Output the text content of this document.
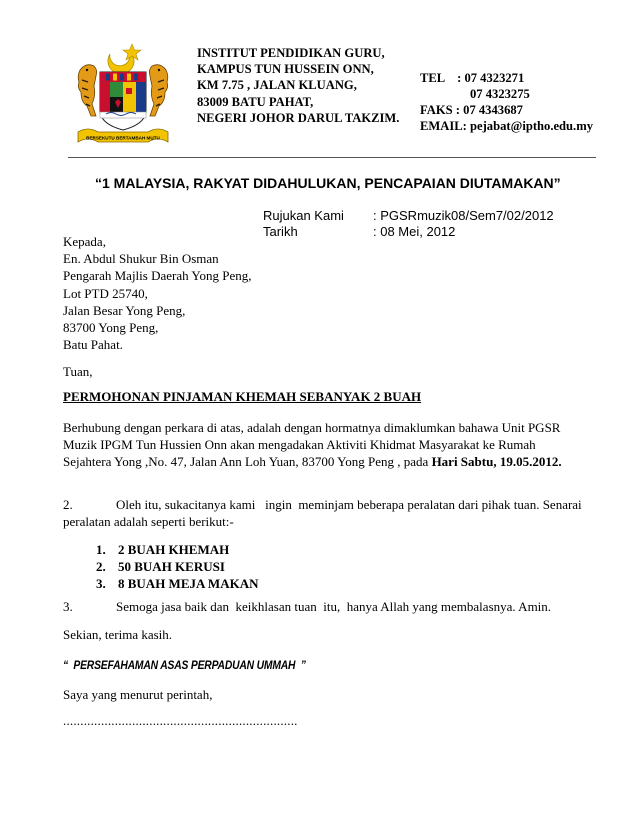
BERSEKUTU BERTAMBAH MUTU
INSTITUT PENDIDIKAN GURU,
KAMPUS TUN HUSSEIN ONN,
KM 7.75 , JALAN KLUANG,
83009 BATU PAHAT,
NEGERI JOHOR DARUL TAKZIM.
TEL    : 07 4323271
07 4323275
FAKS : 07 4343687
EMAIL: pejabat@iptho.edu.my
“1 MALAYSIA, RAKYAT DIDAHULUKAN, PENCAPAIAN DIUTAMAKAN”
Rujukan Kami : PGSRmuzik08/Sem7/02/2012
Tarikh	: 08 Mei, 2012
Kepada,
En. Abdul Shukur Bin Osman
Pengarah Majlis Daerah Yong Peng,
Lot PTD 25740,
Jalan Besar Yong Peng,
83700 Yong Peng,
Batu Pahat.
Tuan,
PERMOHONAN PINJAMAN KHEMAH SEBANYAK 2 BUAH
Berhubung dengan perkara di atas, adalah dengan hormatnya dimaklumkan bahawa Unit PGSR Muzik IPGM Tun Hussien Onn akan mengadakan Aktiviti Khidmat Masyarakat ke Rumah Sejahtera Yong ,No. 47, Jalan Ann Loh Yuan, 83700 Yong Peng , pada Hari Sabtu, 19.05.2012.
2.	Oleh itu, sukacitanya kami   ingin  meminjam beberapa peralatan dari pihak tuan. Senarai peralatan adalah seperti berikut:-
1. 2 BUAH KHEMAH
2. 50 BUAH KERUSI
3. 8 BUAH MEJA MAKAN
3.	Semoga jasa baik dan  keikhlasan tuan  itu,  hanya Allah yang membalasnya. Amin.
Sekian, terima kasih.
“  PERSEFAHAMAN ASAS PERPADUAN UMMAH  ”
Saya yang menurut perintah,
....................................................................
